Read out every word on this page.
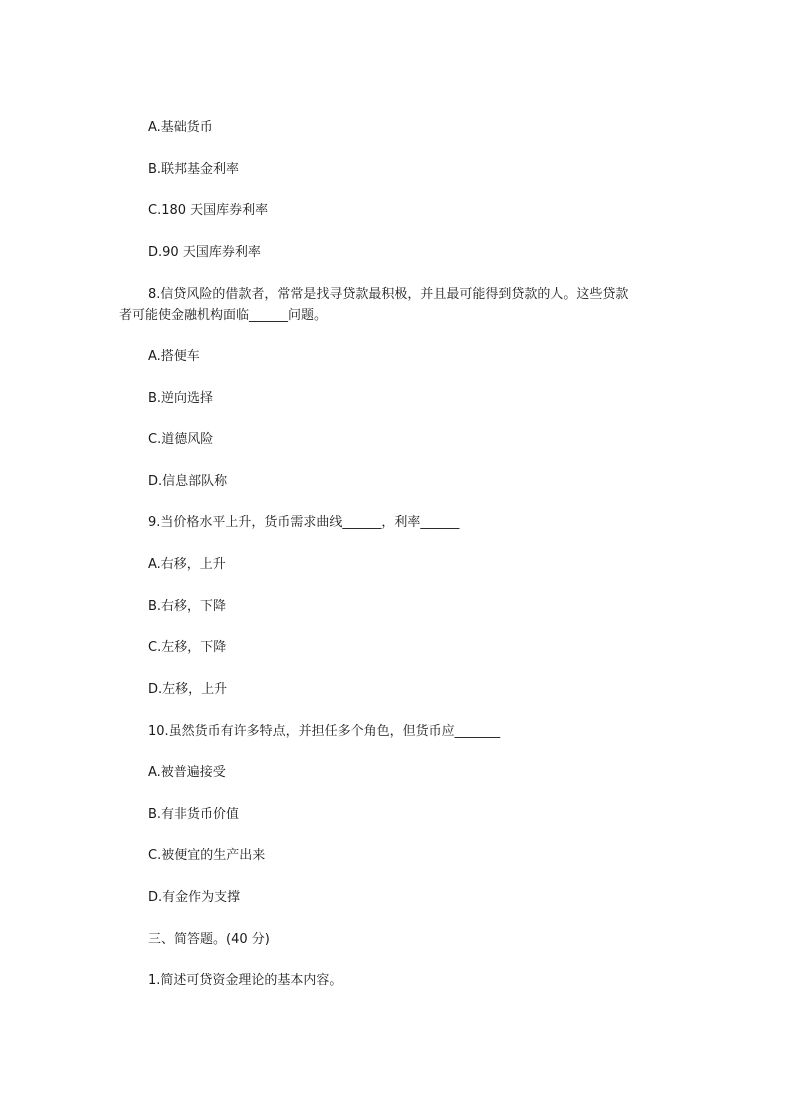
A.基础货币
B.联邦基金利率
C.180 天国库券利率
D.90 天国库券利率
8.信贷风险的借款者，常常是找寻贷款最积极，并且最可能得到贷款的人。这些贷款
者可能使金融机构面临______问题。
A.搭便车
B.逆向选择
C.道德风险
D.信息部队称
9.当价格水平上升，货币需求曲线______，利率______
A.右移，上升
B.右移，下降
C.左移，下降
D.左移，上升
10.虽然货币有许多特点，并担任多个角色，但货币应_______
A.被普遍接受
B.有非货币价值
C.被便宜的生产出来
D.有金作为支撑
三、简答题。(40 分)
1.简述可贷资金理论的基本内容。
